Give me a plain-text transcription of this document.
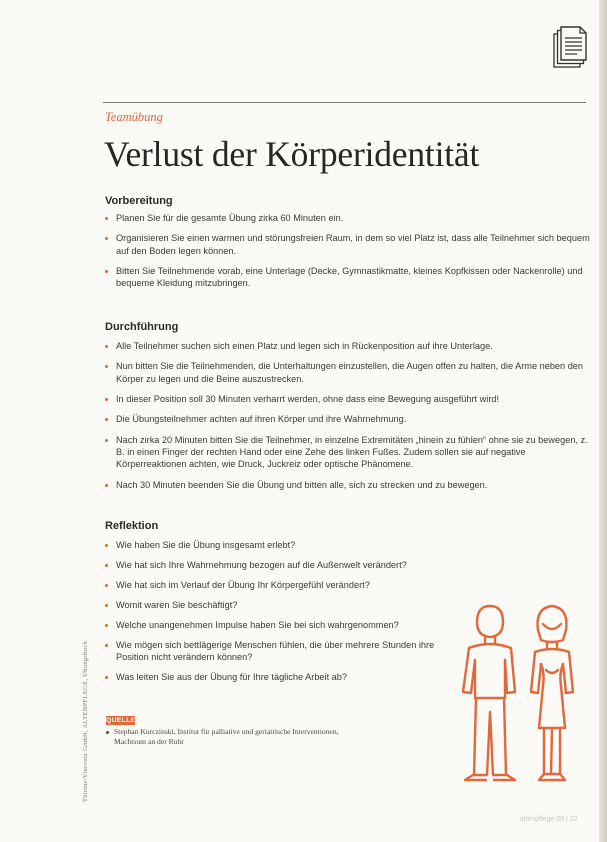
Teamübung
Verlust der Körperidentität
Vorbereitung
Planen Sie für die gesamte Übung zirka 60 Minuten ein.
Organisieren Sie einen warmen und störungsfreien Raum, in dem so viel Platz ist, dass alle Teilnehmer sich bequem auf den Boden legen können.
Bitten Sie Teilnehmende vorab, eine Unterlage (Decke, Gymnastikmatte, kleines Kopfkissen oder Nackenrolle) und bequeme Kleidung mitzubringen.
Durchführung
Alle Teilnehmer suchen sich einen Platz und legen sich in Rückenposition auf ihre Unterlage.
Nun bitten Sie die Teilnehmenden, die Unterhaltungen einzustellen, die Augen offen zu halten, die Arme neben den Körper zu legen und die Beine auszustrecken.
In dieser Position soll 30 Minuten verharrt werden, ohne dass eine Bewegung ausgeführt wird!
Die Übungsteilnehmer achten auf ihren Körper und ihre Wahrnehmung.
Nach zirka 20 Minuten bitten Sie die Teilnehmer, in einzelne Extremitäten „hinein zu fühlen“ ohne sie zu bewegen, z. B. in einen Finger der rechten Hand oder eine Zehe des linken Fußes. Zudem sollen sie auf negative Körperreaktionen achten, wie Druck, Juckreiz oder optische Phänomene.
Nach 30 Minuten beenden Sie die Übung und bitten alle, sich zu strecken und zu bewegen.
Reflektion
Wie haben Sie die Übung insgesamt erlebt?
Wie hat sich Ihre Wahrnehmung bezogen auf die Außenwelt verändert?
Wie hat sich im Verlauf der Übung Ihr Körpergefühl verändert?
Womit waren Sie beschäftigt?
Welche unangenehmen Impulse haben Sie bei sich wahrgenommen?
Wie mögen sich bettlägerige Menschen fühlen, die über mehrere Stunden ihre Position nicht verändern können?
Was leiten Sie aus der Übung für Ihre tägliche Arbeit ab?
QUELLE
Stephan Kurczinski, Institut für palliative und geriatrische Interventionen, Machtsum an der Ruhr
Thieme/Vincentz GmbH, ALTENPFLEGE, Übungsbuch
altenpflege 08 | 22
